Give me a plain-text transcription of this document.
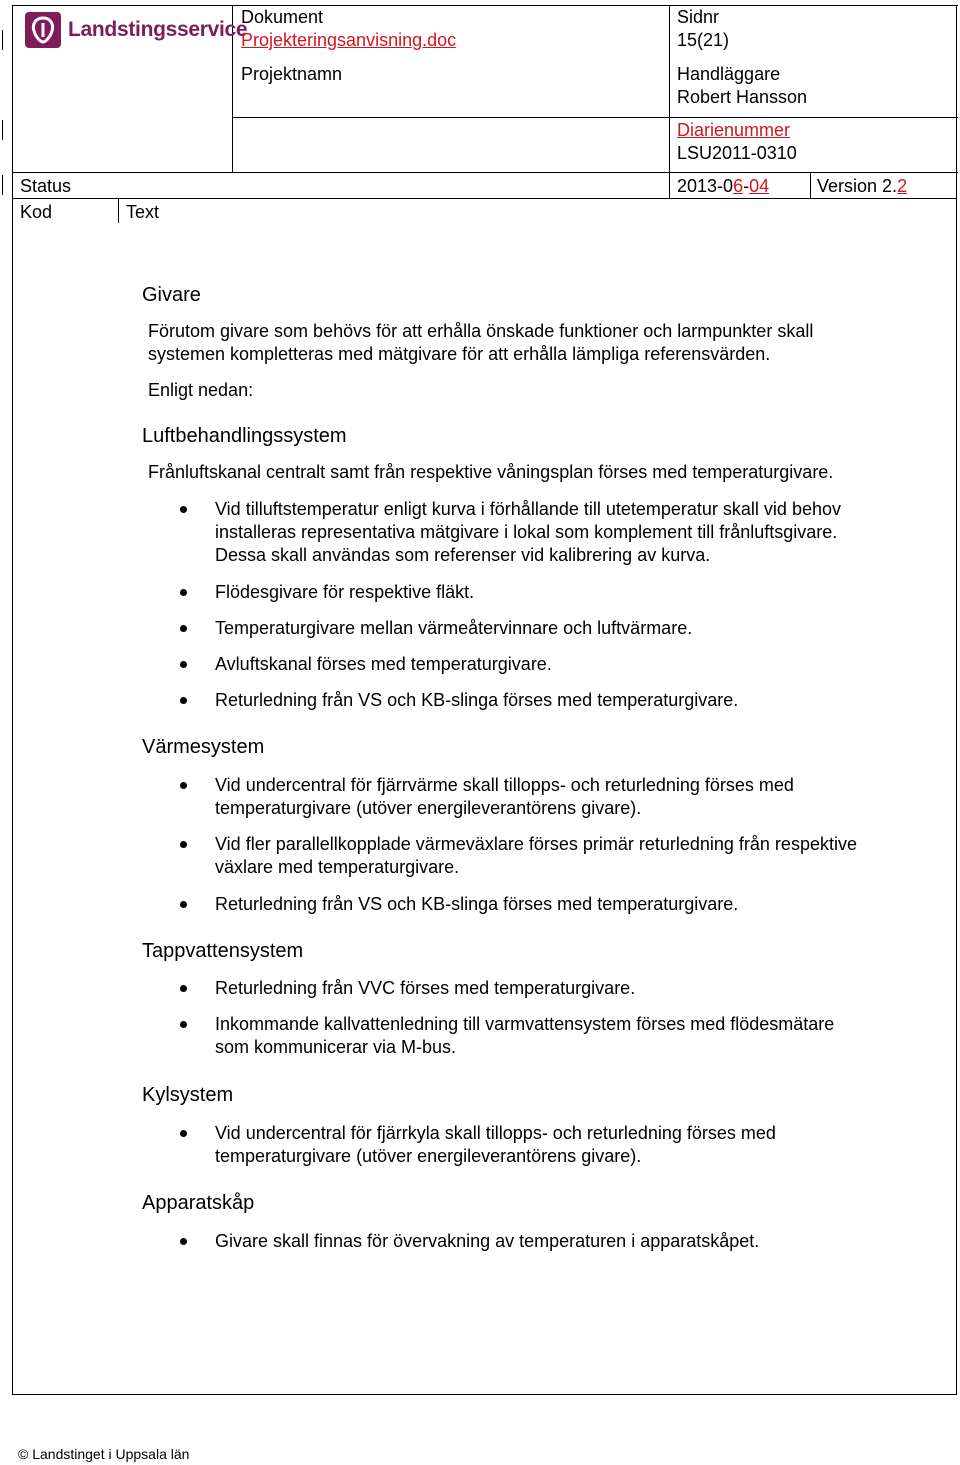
Landstingsservice
Dokument
Projekteringsanvisning.doc
Projektnamn
Sidnr
15(21)
Handläggare
Robert Hansson
Diarienummer
LSU2011-0310
Status	2013-06-04	Version 2.2
Kod	Text
Givare
Förutom givare som behövs för att erhålla önskade funktioner och larmpunkter skall
systemen kompletteras med mätgivare för att erhålla lämpliga referensvärden.
Enligt nedan:
Luftbehandlingssystem
Frånluftskanal centralt samt från respektive våningsplan förses med temperaturgivare.
Vid tilluftstemperatur enligt kurva i förhållande till utetemperatur skall vid behov
installeras representativa mätgivare i lokal som komplement till frånluftsgivare.
Dessa skall användas som referenser vid kalibrering av kurva.
Flödesgivare för respektive fläkt.
Temperaturgivare mellan värmeåtervinnare och luftvärmare.
Avluftskanal förses med temperaturgivare.
Returledning från VS och KB-slinga förses med temperaturgivare.
Värmesystem
Vid undercentral för fjärrvärme skall tillopps- och returledning förses med
temperaturgivare (utöver energileverantörens givare).
Vid fler parallellkopplade värmeväxlare förses primär returledning från respektive
växlare med temperaturgivare.
Returledning från VS och KB-slinga förses med temperaturgivare.
Tappvattensystem
Returledning från VVC förses med temperaturgivare.
Inkommande kallvattenledning till varmvattensystem förses med flödesmätare
som kommunicerar via M-bus.
Kylsystem
Vid undercentral för fjärrkyla skall tillopps- och returledning förses med
temperaturgivare (utöver energileverantörens givare).
Apparatskåp
Givare skall finnas för övervakning av temperaturen i apparatskåpet.
© Landstinget i Uppsala län
